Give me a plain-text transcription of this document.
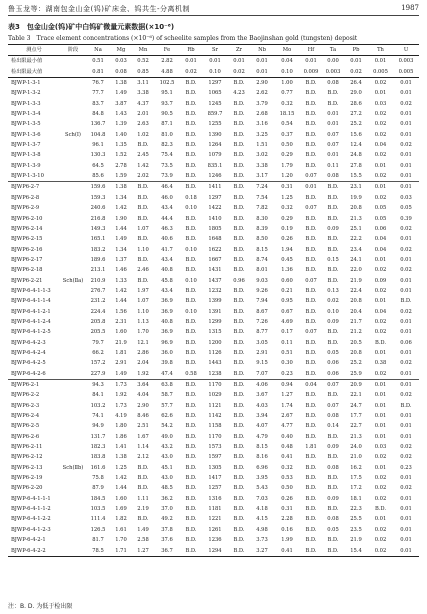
鲁玉龙等：湖南包金山金(钨)矿床金、钨共生-分离机制	1987
表3　包金山金(钨)矿中白钨矿微量元素数据(×10⁻⁶)
Table 3　Trace element concentrations (×10⁻⁶) of scheelite samples from the Baojinshan gold (tungsten) deposit
测点号	阶段	Na	Mg	Mn	Fe	Rb	Sr	Zr	Nb	Mo	Hf	Ta	Pb	Th	U	
检出限最小值		0.51	0.03	0.52	2.82	0.01	0.01	0.01	0.01	0.04	0.01	0.00	0.01	0.01	0.003	
检出限最大值		0.81	0.08	0.85	4.88	0.02	0.10	0.02	0.01	0.10	0.009	0.003	0.02	0.005	0.005	
BJWP-1-3-1		76.7	1.38	3.11	102.5	B.D.	1297	B.D.	2.90	1.00	B.D.	0.08	26.4	0.02	0.01	
BJWP-1-3-2		77.7	1.49	3.38	95.1	B.D.	1065	4.23	2.62	0.77	B.D.	B.D.	29.0	0.01	0.01	
BJWP-1-3-3		83.7	3.87	4.37	93.7	B.D.	1245	B.D.	3.79	0.32	B.D.	B.D.	28.6	0.03	0.02	
BJWP-1-3-4		84.8	1.43	2.01	90.5	B.D.	859.7	B.D.	2.68	18.15	B.D.	0.01	27.2	0.02	0.01	
BJWP-1-3-5		136.7	1.39	2.63	87.1	B.D.	1255	B.D.	3.16	0.54	B.D.	0.01	25.2	0.02	0.01	
BJWP-1-3-6	Sch(Ⅰ)	104.8	1.40	1.02	81.0	B.D.	1390	B.D.	3.25	0.37	B.D.	0.07	15.6	0.02	0.01	
BJWP-1-3-7		96.1	1.35	B.D.	82.3	B.D.	1264	B.D.	1.51	0.50	B.D.	0.07	12.4	0.04	0.02	
BJWP-1-3-8		130.3	1.52	2.45	75.4	B.D.	1079	B.D.	3.02	0.29	B.D.	0.01	24.8	0.02	0.01	
BJWP-1-3-9		64.5	2.78	1.42	73.5	B.D.	835.1	B.D.	3.38	1.79	B.D.	0.11	27.8	0.01	0.01	
BJWP-1-3-10		85.6	1.59	2.02	73.9	B.D.	1246	B.D.	3.17	1.20	0.07	0.08	15.5	0.02	0.01	
BJWP6-2-7		159.6	1.38	B.D.	46.4	B.D.	1411	B.D.	7.24	0.31	0.01	B.D.	23.1	0.01	0.01	
BJWP6-2-8		159.3	1.34	B.D.	46.0	0.18	1297	B.D.	7.54	1.25	B.D.	B.D.	19.9	0.02	0.03	
BJWP6-2-9		240.6	1.42	B.D.	43.4	0.10	1422	B.D.	7.82	0.32	0.07	B.D.	20.8	0.05	0.05	
BJWP6-2-10		216.8	1.90	B.D.	44.4	B.D.	1410	B.D.	8.30	0.29	B.D.	B.D.	21.3	0.05	0.39	
BJWP6-2-14		149.3	1.44	1.07	46.3	B.D.	1805	B.D.	8.39	0.19	B.D.	0.09	25.1	0.06	0.02	
BJWP6-2-15		165.1	1.49	B.D.	40.6	B.D.	1648	B.D.	8.50	0.26	B.D.	B.D.	22.2	0.04	0.01	
BJWP6-2-16		183.2	1.34	1.10	41.7	0.10	1622	B.D.	8.15	1.94	B.D.	B.D.	23.4	0.04	0.02	
BJWP6-2-17		189.6	1.37	B.D.	43.4	B.D.	1667	B.D.	8.74	0.45	B.D.	0.15	24.1	0.01	0.01	
BJWP6-2-18		213.1	1.46	2.46	40.8	B.D.	1431	B.D.	8.01	1.36	B.D.	B.D.	22.0	0.02	0.02	
BJWP6-2-21	Sch(Ⅱa)	210.9	1.33	B.D.	45.8	0.10	1437	0.96	9.03	0.60	0.07	B.D.	21.9	0.09	0.01	
BJWP-6-4-1-1-3		276.7	1.42	1.97	43.4	B.D.	1232	B.D.	9.26	0.21	B.D.	0.13	22.4	0.02	0.01	
BJWP-6-4-1-1-4		231.2	1.44	1.07	36.9	B.D.	1399	B.D.	7.94	0.95	B.D.	0.02	20.8	0.01	B.D.	
BJWP-6-4-1-2-1		224.4	1.56	1.10	36.9	0.10	1391	B.D.	8.67	0.67	B.D.	0.10	20.4	0.04	0.02	
BJWP-6-4-1-2-4		205.8	2.31	1.13	40.8	B.D.	1299	B.D.	7.26	4.69	B.D.	0.09	21.7	0.02	0.01	
BJWP-6-4-1-2-5		205.5	1.60	1.70	36.9	B.D.	1315	B.D.	8.77	0.17	0.07	B.D.	21.2	0.02	0.01	
BJWP-6-4-2-3		79.7	21.9	12.1	96.9	B.D.	1200	B.D.	3.05	0.11	B.D.	B.D.	20.5	B.D.	0.06	
BJWP-6-4-2-4		66.2	1.81	2.86	36.0	B.D.	1126	B.D.	2.91	0.51	B.D.	0.05	20.8	0.01	0.01	
BJWP-6-4-2-5		157.2	2.91	2.04	39.8	B.D.	1443	B.D.	9.15	0.30	B.D.	0.06	25.2	0.38	0.02	
BJWP-6-4-2-6		227.9	1.49	1.92	47.4	0.58	1238	B.D.	7.07	0.23	B.D.	0.06	25.9	0.02	0.01	
BJWP6-2-1		94.3	1.73	3.64	63.8	B.D.	1170	B.D.	4.06	0.94	0.04	0.07	20.9	0.01	0.01	
BJWP6-2-2		84.1	1.92	4.04	58.7	B.D.	1029	B.D.	3.67	1.27	B.D.	B.D.	22.1	0.01	0.02	
BJWP6-2-3		103.2	1.73	2.90	57.7	B.D.	1121	B.D.	4.03	1.74	B.D.	0.07	24.7	0.01	B.D.	
BJWP6-2-4		74.1	4.19	8.46	62.6	B.D.	1142	B.D.	3.94	2.67	B.D.	0.08	17.7	0.01	0.01	
BJWP6-2-5		94.9	1.80	2.51	54.2	B.D.	1158	B.D.	4.07	4.77	B.D.	0.14	22.7	0.01	0.01	
BJWP6-2-6		131.7	1.86	1.67	49.0	B.D.	1170	B.D.	4.79	0.40	B.D.	B.D.	21.3	0.01	0.01	
BJWP6-2-11		182.3	1.41	1.14	43.2	B.D.	1573	B.D.	8.15	0.48	1.81	0.09	24.0	0.03	0.02	
BJWP6-2-12		183.8	1.38	2.12	43.0	B.D.	1597	B.D.	8.16	0.41	B.D.	B.D.	21.0	0.02	0.02	
BJWP6-2-13	Sch(Ⅱb)	161.6	1.25	B.D.	45.1	B.D.	1305	B.D.	6.96	0.32	B.D.	0.08	16.2	0.01	0.23	
BJWP6-2-19		75.8	1.42	B.D.	43.0	B.D.	1417	B.D.	3.95	0.53	B.D.	B.D.	17.5	0.02	0.01	
BJWP6-2-20		87.9	1.44	B.D.	48.5	B.D.	1257	B.D.	5.43	0.50	B.D.	B.D.	17.2	0.02	0.02	
BJWP-6-4-1-1-1		184.5	1.60	1.11	36.2	B.D.	1316	B.D.	7.03	0.26	B.D.	0.09	18.1	0.02	0.01	
BJWP-6-4-1-1-2		103.5	1.69	2.19	37.0	B.D.	1181	B.D.	4.18	0.31	B.D.	B.D.	22.3	B.D.	0.01	
BJWP-6-4-1-2-2		111.4	1.82	B.D.	49.2	B.D.	1221	B.D.	4.15	2.28	B.D.	0.08	25.5	0.01	0.01	
BJWP-6-4-1-2-3		126.5	1.61	1.49	37.8	B.D.	1261	B.D.	4.98	0.16	B.D.	0.05	23.5	0.02	0.01	
BJWP-6-4-2-1		81.7	1.70	2.58	37.6	B.D.	1236	B.D.	3.73	1.99	B.D.	B.D.	21.9	0.02	0.01	
BJWP-6-4-2-2		78.5	1.71	1.27	36.7	B.D.	1294	B.D.	3.27	0.41	B.D.	B.D.	15.4	0.02	0.01	
注：B. D. 为低于检出限
